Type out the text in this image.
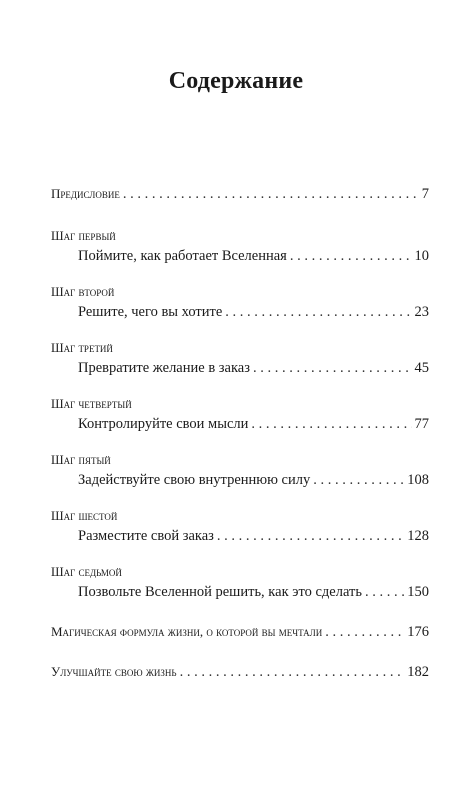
Содержание
Предисловие . . .	7
Шаг первый
Поймите, как работает Вселенная . . .	10
Шаг второй
Решите, чего вы хотите . . .	23
Шаг третий
Превратите желание в заказ . . .	45
Шаг четвертый
Контролируйте свои мысли . . .	77
Шаг пятый
Задействуйте свою внутреннюю силу . . .	108
Шаг шестой
Разместите свой заказ . . .	128
Шаг седьмой
Позвольте Вселенной решить, как это сделать . . .	150
Магическая формула жизни, о которой вы мечтали . . .	176
Улучшайте свою жизнь . . .	182
